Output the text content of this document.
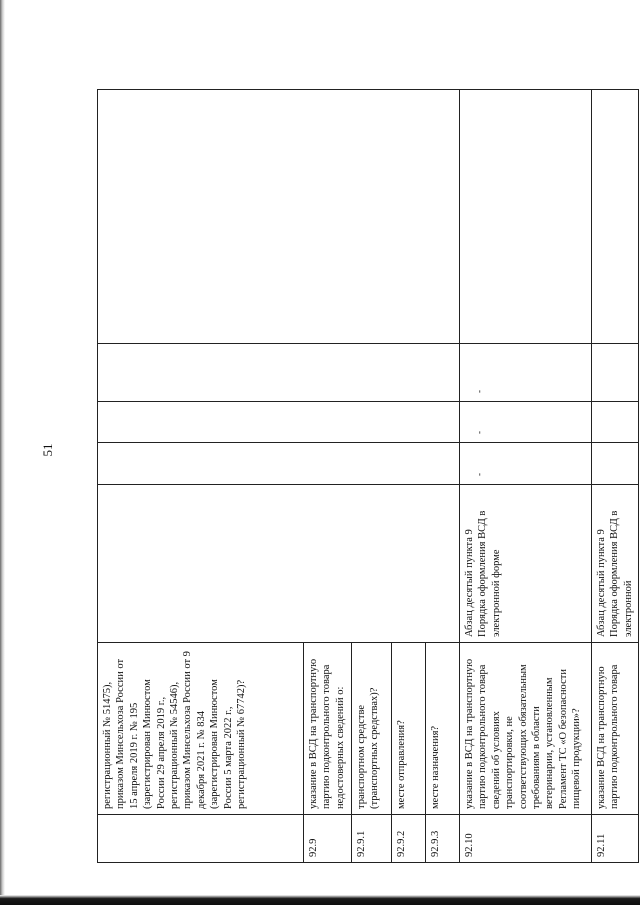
51
	регистрационный № 51475), приказом Минсельхоза России от 15 апреля 2019 г. № 195 (зарегистрирован Минюстом России 29 апреля 2019 г., регистрационный № 54546), приказом Минсельхоза России от 9 декабря 2021 г. № 834 (зарегистрирован Минюстом России 5 марта 2022 г., регистрационный № 67742)?					
92.9	указание в ВСД на транспортную партию подконтрольного товара недостоверных сведений о:					
92.9.1	транспортном средстве (транспортных средствах)?					
92.9.2	месте отправления?					
92.9.3	месте назначения?					
92.10	указание в ВСД на транспортную партию подконтрольного товара сведений об условиях транспортировки, не соответствующих обязательным требованиям в области ветеринарии, установленным Регламент ТС «О безопасности пищевой продукции»?	Абзац десятый пункта 9 Порядка оформления ВСД в электронной форме	-	-	-	

92.11	указание ВСД на транспортную партию подконтрольного товара	Абзац десятый пункта 9 Порядка оформления ВСД в электронной				
